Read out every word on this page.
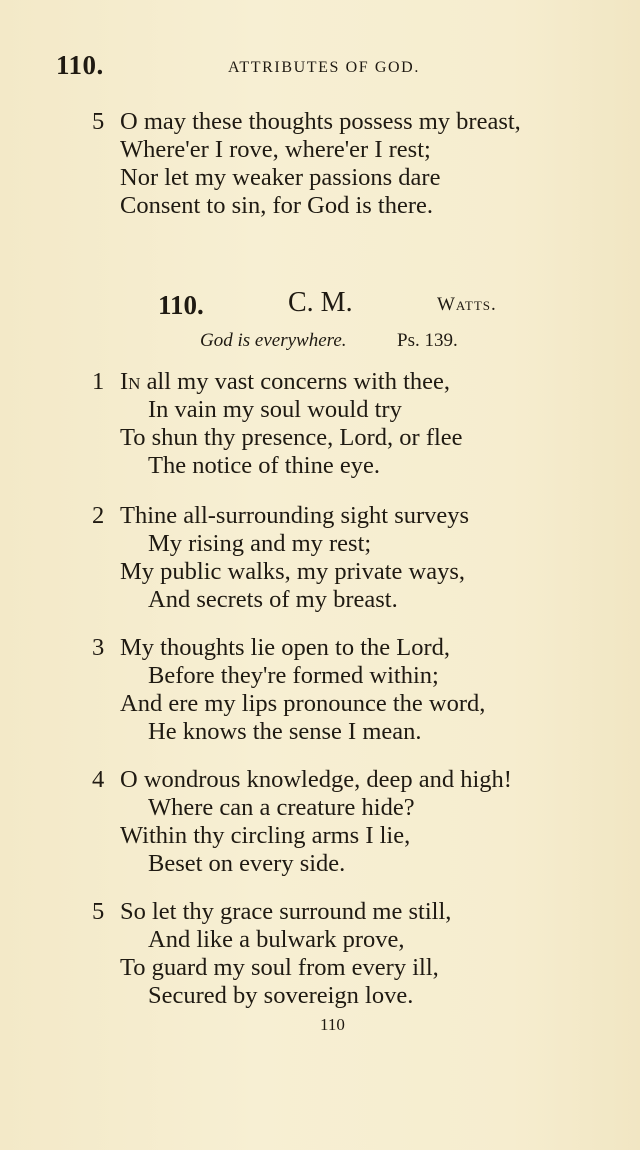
110.	ATTRIBUTES OF GOD.
5 O may these thoughts possess my breast,
Where'er I rove, where'er I rest;
Nor let my weaker passions dare
Consent to sin, for God is there.
110.	C. M.	Watts.
God is everywhere.	Ps. 139.
1 In all my vast concerns with thee,
In vain my soul would try
To shun thy presence, Lord, or flee
The notice of thine eye.
2 Thine all-surrounding sight surveys
My rising and my rest;
My public walks, my private ways,
And secrets of my breast.
3 My thoughts lie open to the Lord,
Before they're formed within;
And ere my lips pronounce the word,
He knows the sense I mean.
4 O wondrous knowledge, deep and high!
Where can a creature hide?
Within thy circling arms I lie,
Beset on every side.
5 So let thy grace surround me still,
And like a bulwark prove,
To guard my soul from every ill,
Secured by sovereign love.
110
